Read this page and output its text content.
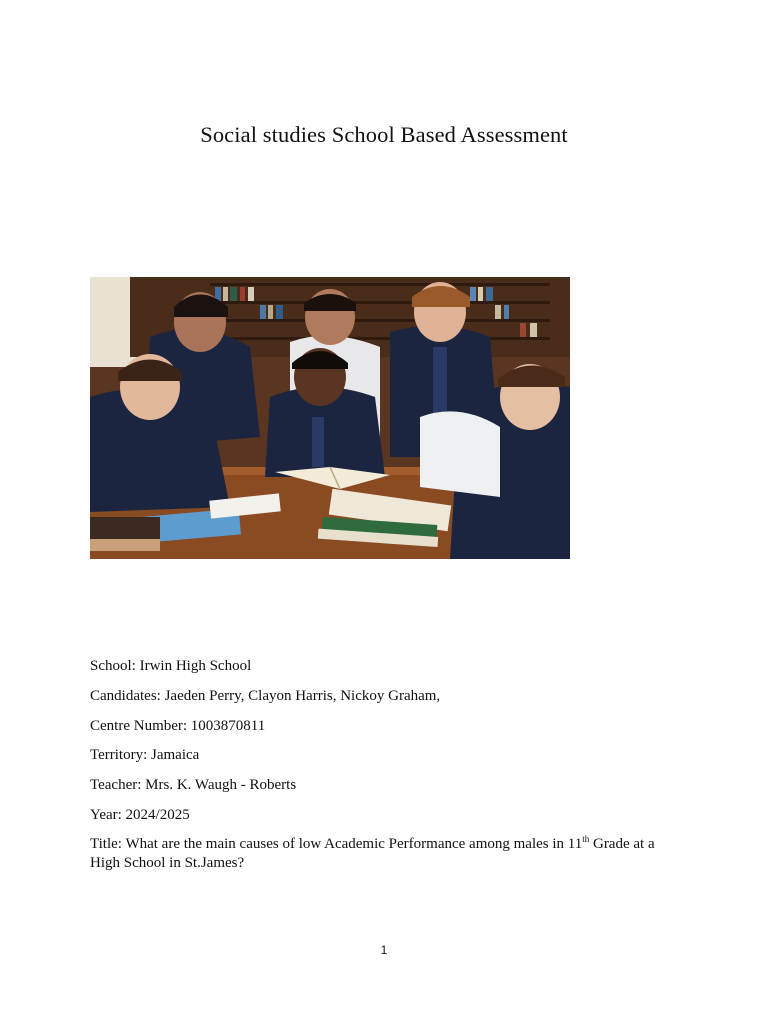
Social studies School Based Assessment

School: Irwin High School

Candidates: Jaeden Perry, Clayon Harris, Nickoy Graham,

Centre Number: 1003870811

Territory: Jamaica

Teacher: Mrs. K. Waugh - Roberts

Year: 2024/2025

Title: What are the main causes of low Academic Performance among males in 11th Grade at a High School in St.James?

1
